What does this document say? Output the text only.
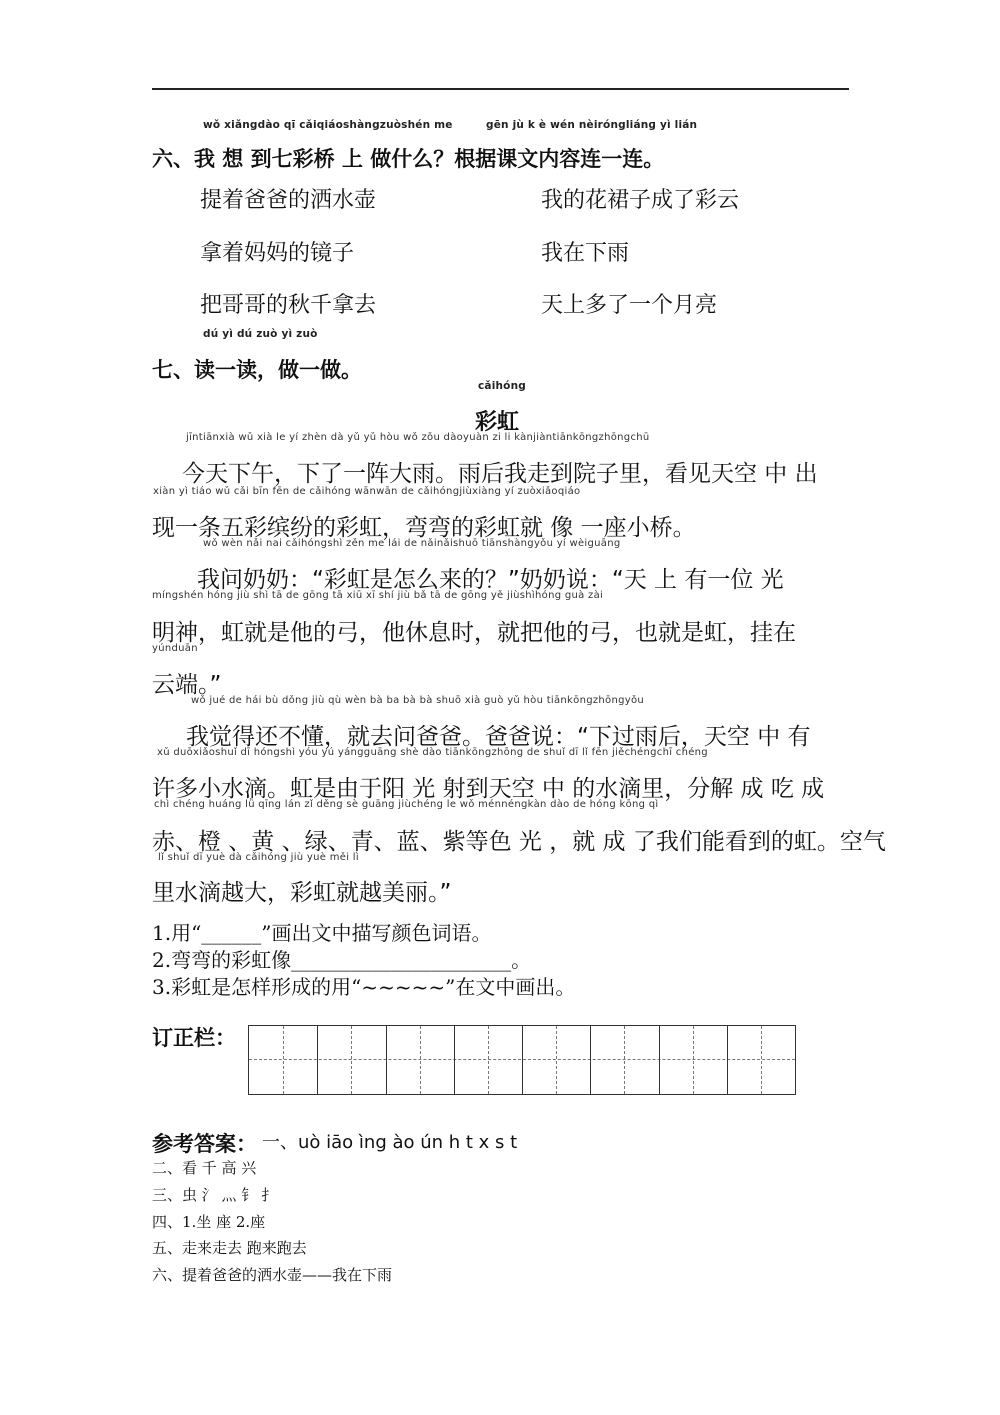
wǒ xiǎngdào qī cǎiqiáoshàngzuòshén me	gēn jù k è wén nèiróngliánɡ yì lián
六、我 想 到七彩桥 上 做什么？根据课文内容连一连。
提着爸爸的洒水壶
拿着妈妈的镜子
把哥哥的秋千拿去
我的花裙子成了彩云
我在下雨
天上多了一个月亮
dú yì dú zuò yì zuò
七、读一读，做一做。
cǎihóng
彩虹
jīntiānxià wǔ xià le yí zhèn dà yǔ yǔ hòu wǒ zǒu dàoyuàn zi li kànjiàntiānkōngzhōngchū
今天下午，下了一阵大雨。雨后我走到院子里，看见天空 中 出
xiàn yì tiáo wǔ cǎi bīn fēn de cǎihóng wānwān de cǎihóngjiùxiàng yí zuòxiǎoqiáo
现一条五彩缤纷的彩虹，弯弯的彩虹就 像 一座小桥。
wǒ wèn nǎi nai cǎihóngshì zěn me lái de nǎinǎishuō tiānshàngyǒu yí wèiguāng
我问奶奶：“彩虹是怎么来的？”奶奶说：“天 上 有一位 光
míngshén hóng jiù shì tā de gōng tā xiū xī shí jiù bǎ tā de gōng yě jiùshìhóng guà zài
明神，虹就是他的弓，他休息时，就把他的弓，也就是虹，挂在
yúnduān
云端。”
wǒ jué de hái bù dǒng jiù qù wèn bà ba bà bà shuō xià guò yǔ hòu tiānkōngzhōngyǒu
我觉得还不懂，就去问爸爸。爸爸说：“下过雨后，天空 中 有
xǔ duōxiǎoshuǐ dī hóngshì yóu yú yángguāng shè dào tiānkōngzhōng de shuǐ dī lǐ fēn jiěchéngchī chéng
许多小水滴。虹是由于阳 光 射到天空 中 的水滴里，分解 成 吃 成
chì chéng huáng lǜ qīng lán zǐ děng sè guāng jiùchéng le wǒ ménnéngkàn dào de hóng kōng qì
赤、橙 、黄 、绿、青、蓝、紫等色 光 ，就 成 了我们能看到的虹。空气
lǐ shuǐ dī yuè dà cǎihóng jiù yuè měi lì
里水滴越大，彩虹就越美丽。”
1.用“______”画出文中描写颜色词语。
2.弯弯的彩虹像______________________。
3.彩虹是怎样形成的用“~~~~~”在文中画出。
订正栏：
参考答案： 一、uò iāo ìng ào ún h t x s t
二、看 千 高 兴
三、虫 氵 灬 钅 扌
四、1.坐 座 2.座
五、走来走去 跑来跑去
六、提着爸爸的洒水壶——我在下雨
